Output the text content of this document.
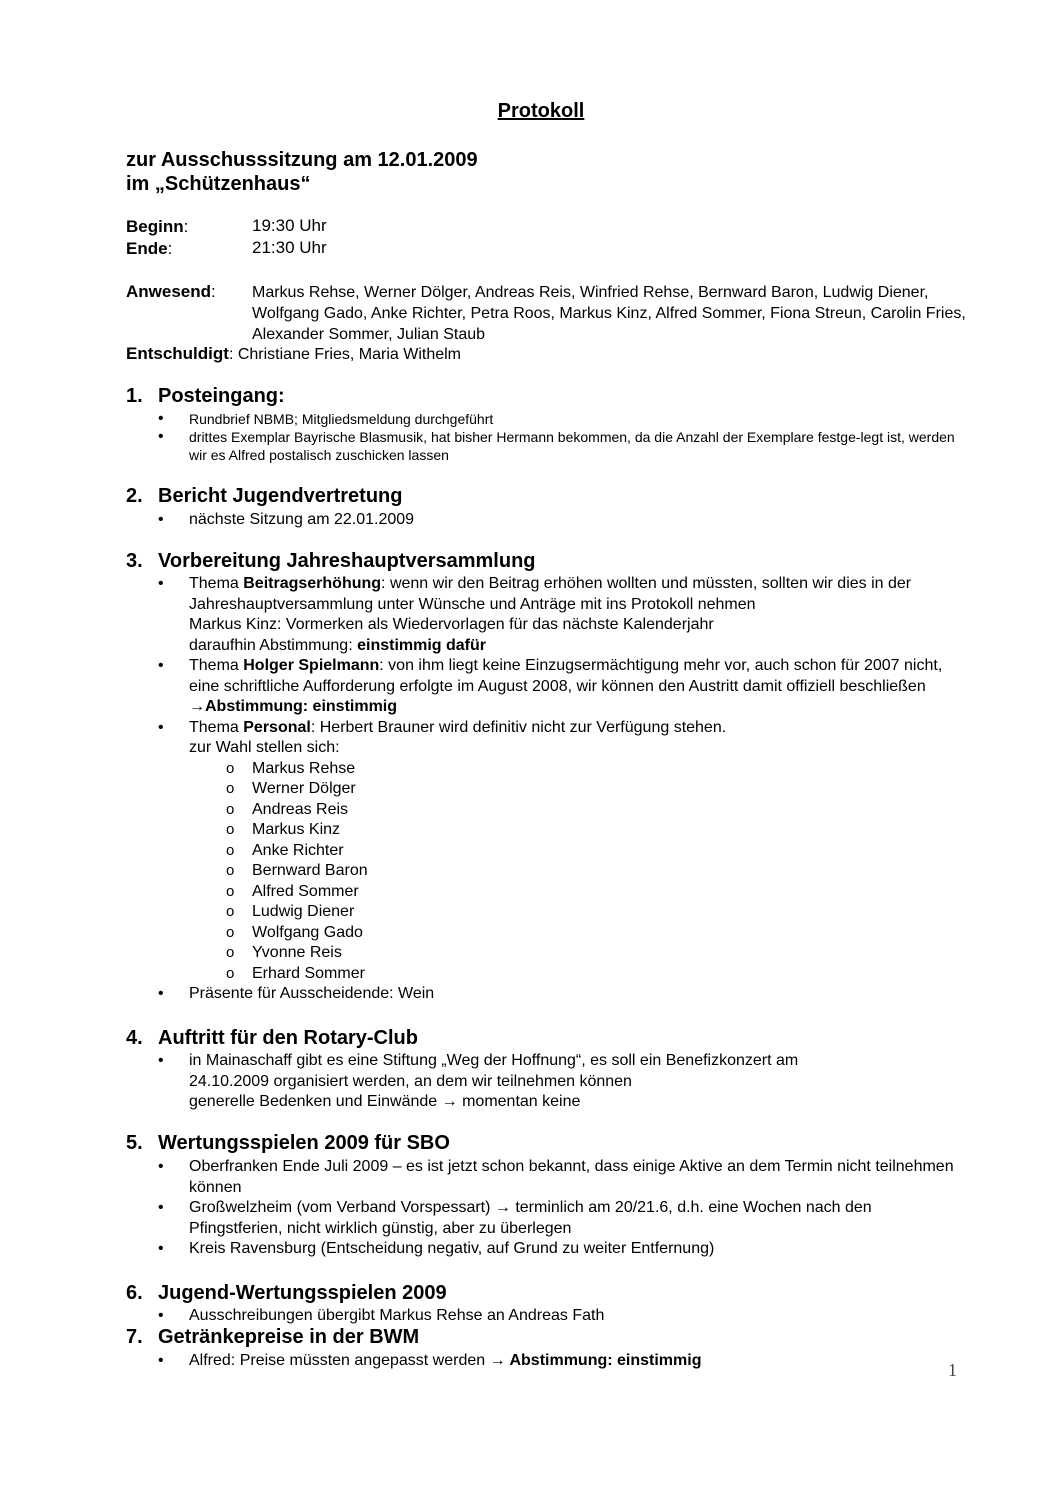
Protokoll
zur Ausschusssitzung am 12.01.2009
im „Schützenhaus“
Beginn:	19:30 Uhr
Ende:	21:30 Uhr
Anwesend: Markus Rehse, Werner Dölger, Andreas Reis, Winfried Rehse, Bernward Baron, Ludwig Diener, Wolfgang Gado, Anke Richter, Petra Roos, Markus Kinz, Alfred Sommer, Fiona Streun, Carolin Fries, Alexander Sommer, Julian Staub
Entschuldigt: Christiane Fries, Maria Withelm
1. Posteingang:
• Rundbrief NBMB; Mitgliedsmeldung durchgeführt
• drittes Exemplar Bayrische Blasmusik, hat bisher Hermann bekommen, da die Anzahl der Exemplare festge-legt ist, werden wir es Alfred postalisch zuschicken lassen
2. Bericht Jugendvertretung
• nächste Sitzung am 22.01.2009
3. Vorbereitung Jahreshauptversammlung
• Thema Beitragserhöhung: wenn wir den Beitrag erhöhen wollten und müssten, sollten wir dies in der Jahreshauptversammlung unter Wünsche und Anträge mit ins Protokoll nehmen
Markus Kinz: Vormerken als Wiedervorlagen für das nächste Kalenderjahr
daraufhin Abstimmung: einstimmig dafür
• Thema Holger Spielmann: von ihm liegt keine Einzugsermächtigung mehr vor, auch schon für 2007 nicht, eine schriftliche Aufforderung erfolgte im August 2008, wir können den Austritt damit offiziell beschließen →Abstimmung: einstimmig
• Thema Personal: Herbert Brauner wird definitiv nicht zur Verfügung stehen.
zur Wahl stellen sich:
o Markus Rehse
o Werner Dölger
o Andreas Reis
o Markus Kinz
o Anke Richter
o Bernward Baron
o Alfred Sommer
o Ludwig Diener
o Wolfgang Gado
o Yvonne Reis
o Erhard Sommer
• Präsente für Ausscheidende: Wein
4. Auftritt für den Rotary-Club
• in Mainaschaff gibt es eine Stiftung „Weg der Hoffnung“, es soll ein Benefizkonzert am 24.10.2009 organisiert werden, an dem wir teilnehmen können
generelle Bedenken und Einwände → momentan keine
5. Wertungsspielen 2009 für SBO
• Oberfranken Ende Juli 2009 – es ist jetzt schon bekannt, dass einige Aktive an dem Termin nicht teilnehmen können
• Großwelzheim (vom Verband Vorspessart) → terminlich am 20/21.6, d.h. eine Wochen nach den Pfingstferien, nicht wirklich günstig, aber zu überlegen
• Kreis Ravensburg (Entscheidung negativ, auf Grund zu weiter Entfernung)
6. Jugend-Wertungsspielen 2009
• Ausschreibungen übergibt Markus Rehse an Andreas Fath
7. Getränkepreise in der BWM
• Alfred: Preise müssten angepasst werden → Abstimmung: einstimmig	1
